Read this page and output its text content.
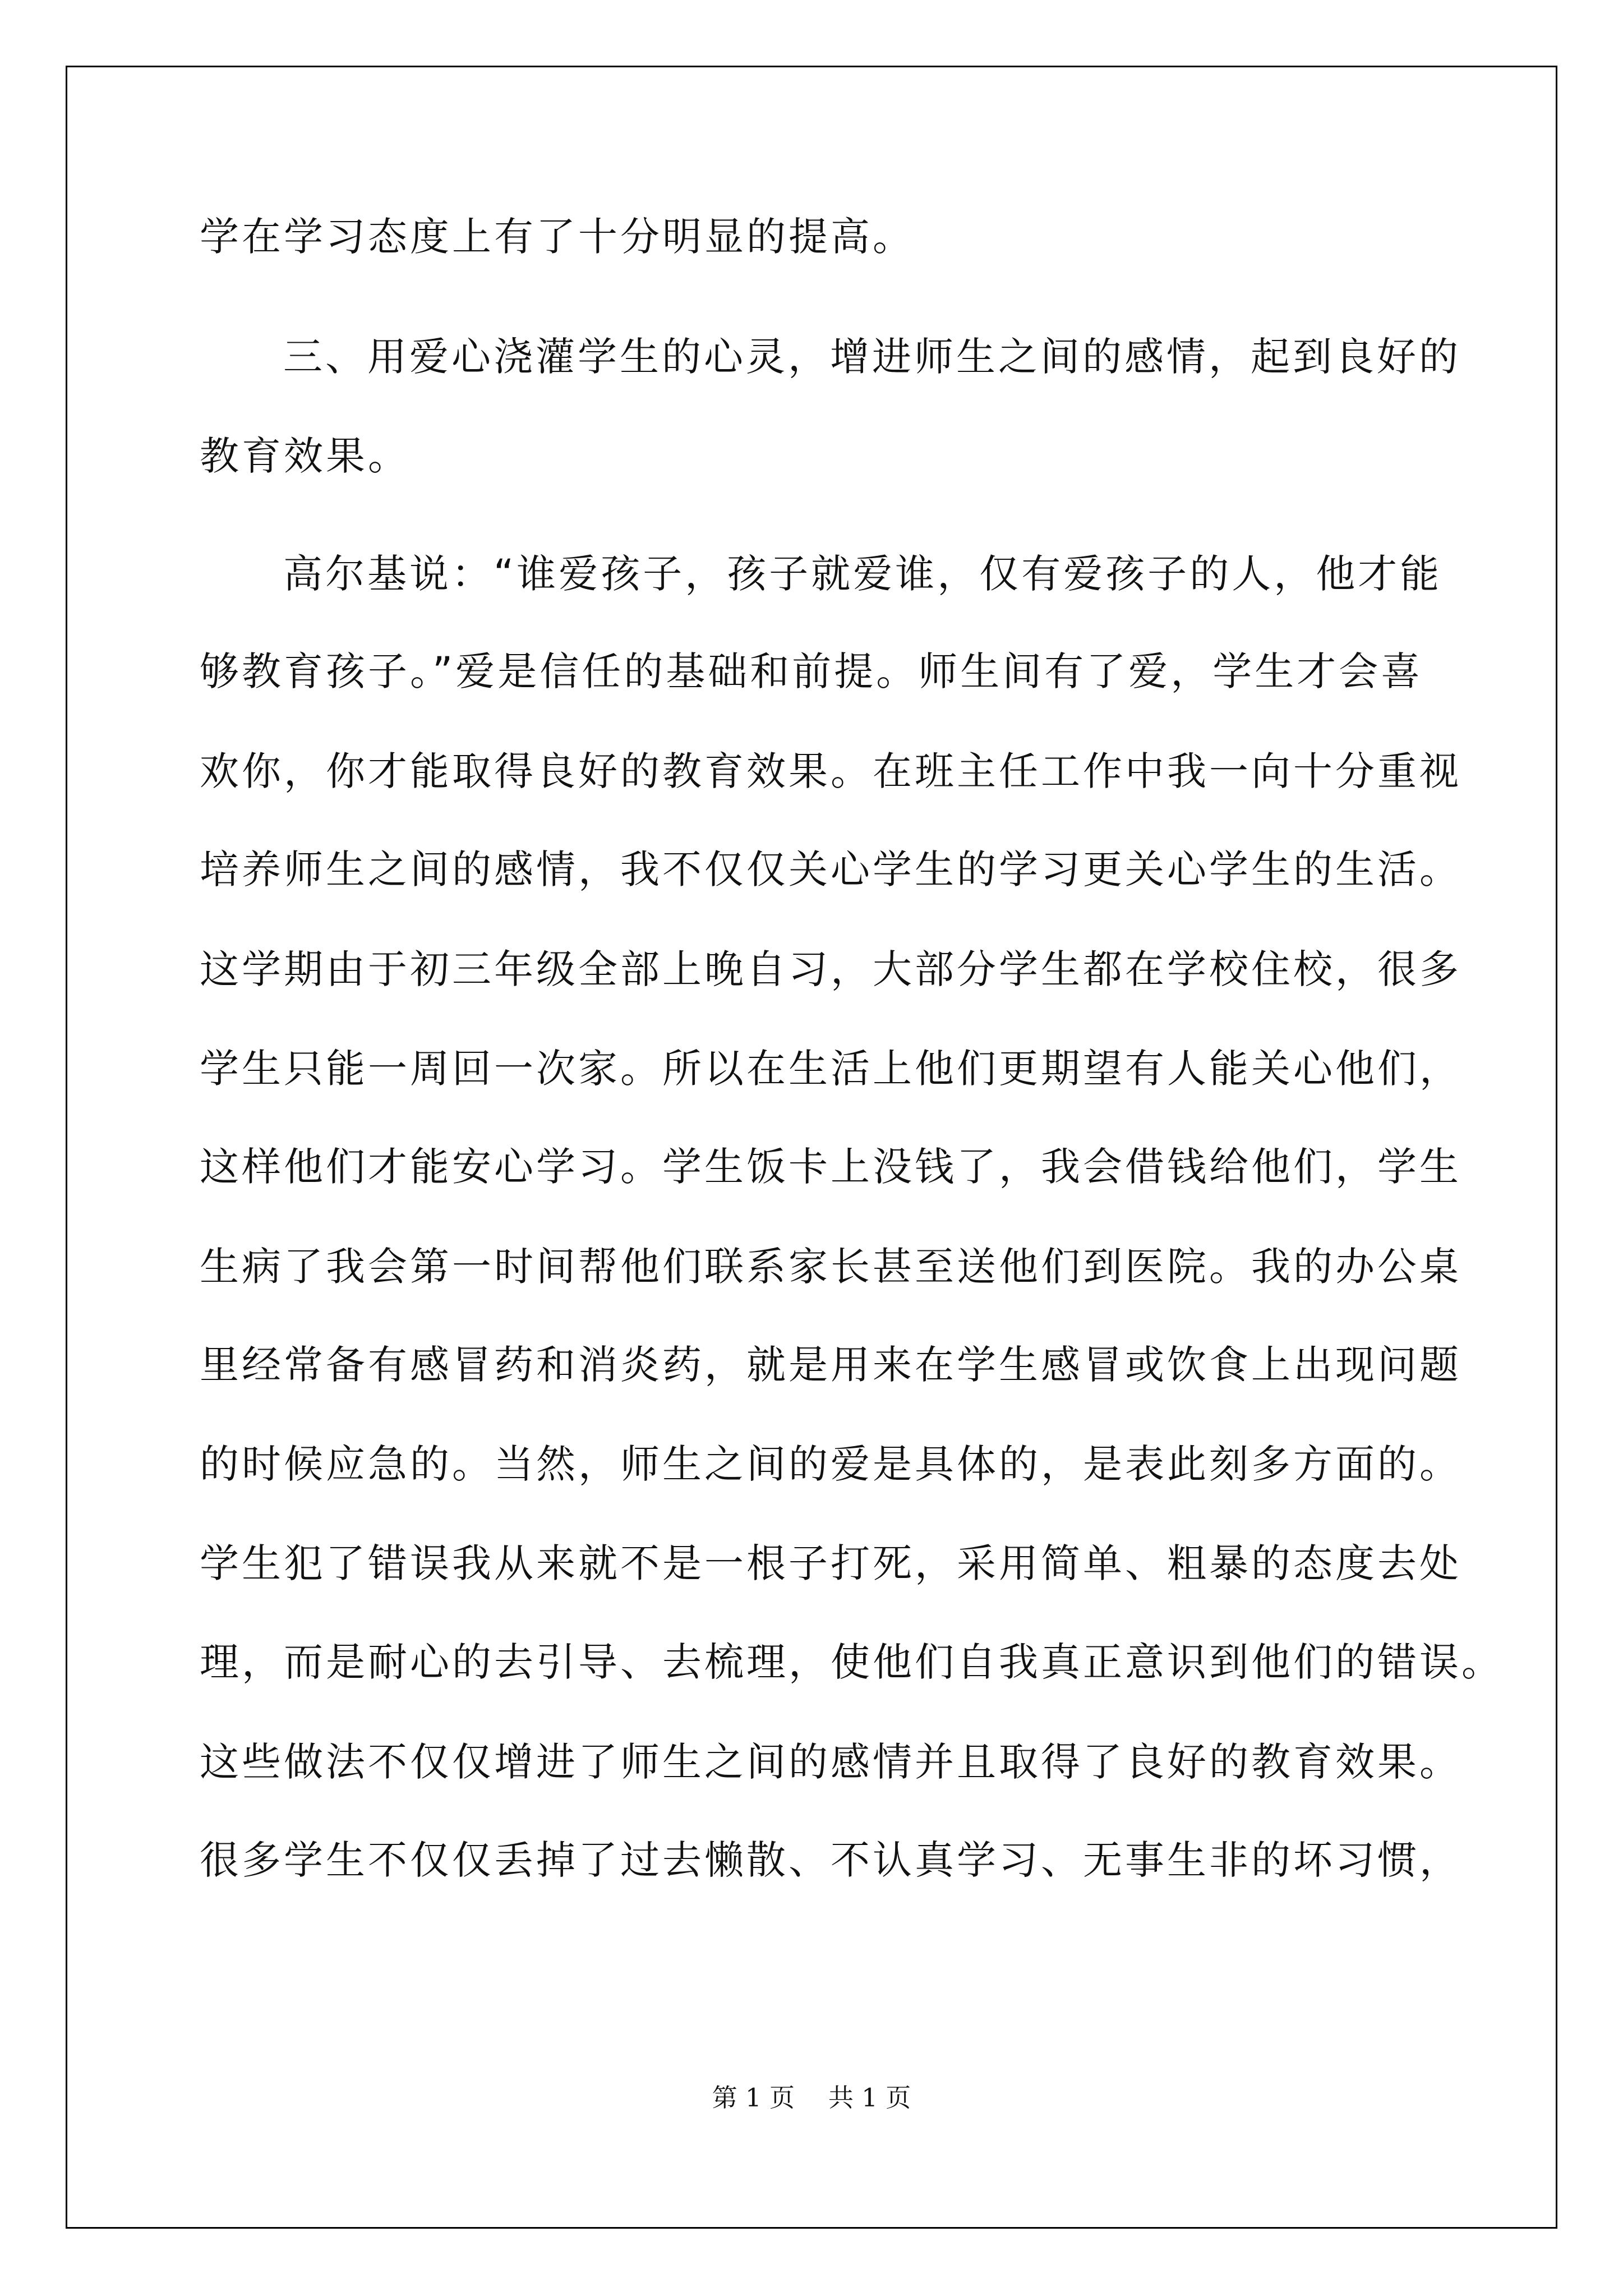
学在学习态度上有了十分明显的提高。
三、用爱心浇灌学生的心灵，增进师生之间的感情，起到良好的
教育效果。
高尔基说：“谁爱孩子，孩子就爱谁，仅有爱孩子的人，他才能
够教育孩子。”爱是信任的基础和前提。师生间有了爱，学生才会喜
欢你，你才能取得良好的教育效果。在班主任工作中我一向十分重视
培养师生之间的感情，我不仅仅关心学生的学习更关心学生的生活。
这学期由于初三年级全部上晚自习，大部分学生都在学校住校，很多
学生只能一周回一次家。所以在生活上他们更期望有人能关心他们，
这样他们才能安心学习。学生饭卡上没钱了，我会借钱给他们，学生
生病了我会第一时间帮他们联系家长甚至送他们到医院。我的办公桌
里经常备有感冒药和消炎药，就是用来在学生感冒或饮食上出现问题
的时候应急的。当然，师生之间的爱是具体的，是表此刻多方面的。
学生犯了错误我从来就不是一根子打死，采用简单、粗暴的态度去处
理，而是耐心的去引导、去梳理，使他们自我真正意识到他们的错误。
这些做法不仅仅增进了师生之间的感情并且取得了良好的教育效果。
很多学生不仅仅丢掉了过去懒散、不认真学习、无事生非的坏习惯，
第 1 页 共 1 页
